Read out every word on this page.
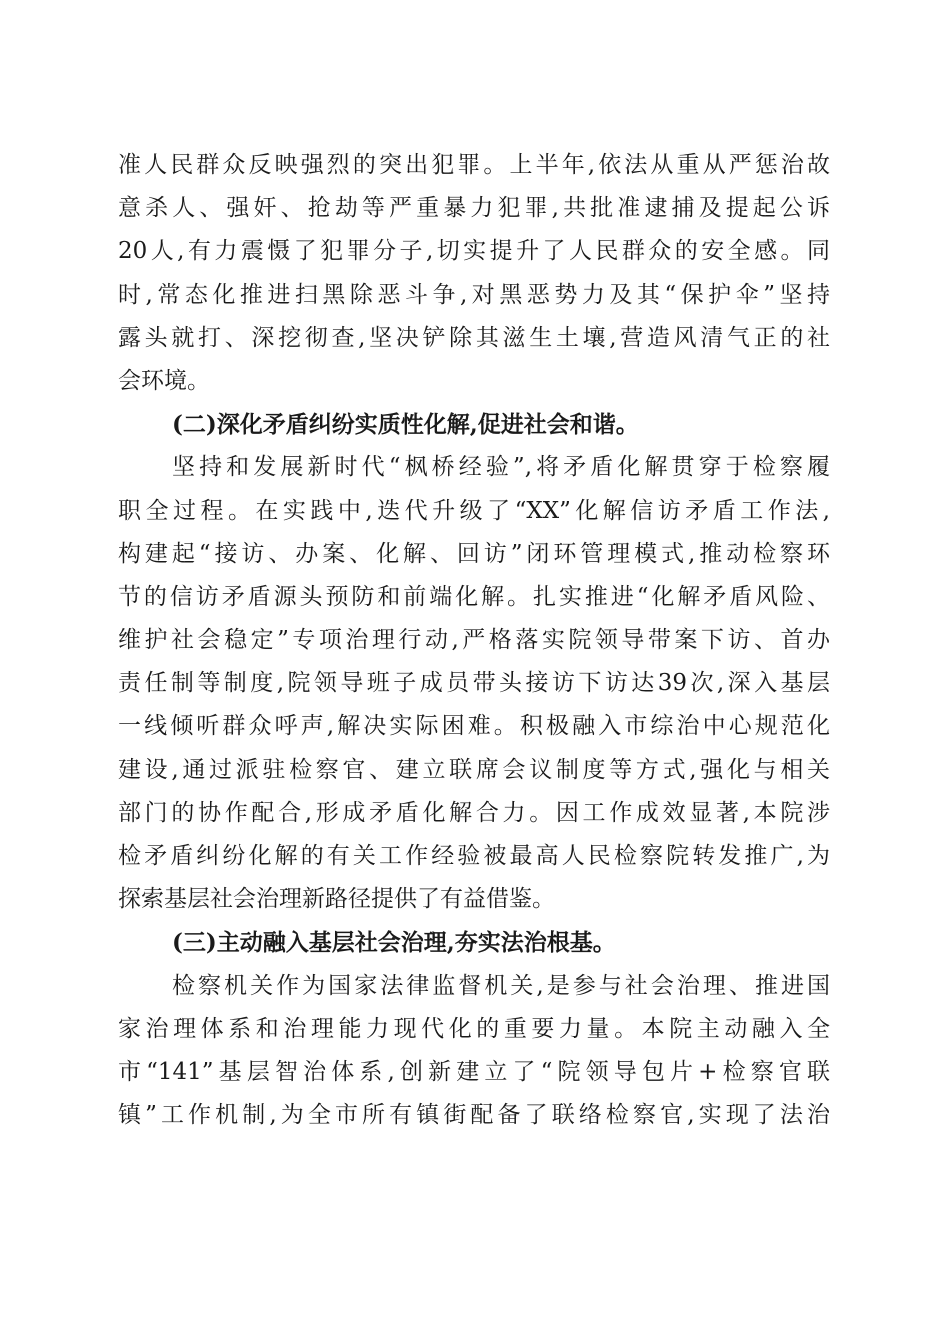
准人民群众反映强烈的突出犯罪。上半年,依法从重从严惩治故
意杀人、强奸、抢劫等严重暴力犯罪,共批准逮捕及提起公诉
20人,有力震慑了犯罪分子,切实提升了人民群众的安全感。同
时,常态化推进扫黑除恶斗争,对黑恶势力及其“保护伞”坚持
露头就打、深挖彻查,坚决铲除其滋生土壤,营造风清气正的社
会环境。
(二)深化矛盾纠纷实质性化解,促进社会和谐。
坚持和发展新时代“枫桥经验”,将矛盾化解贯穿于检察履
职全过程。在实践中,迭代升级了“XX”化解信访矛盾工作法,
构建起“接访、办案、化解、回访”闭环管理模式,推动检察环
节的信访矛盾源头预防和前端化解。扎实推进“化解矛盾风险、
维护社会稳定”专项治理行动,严格落实院领导带案下访、首办
责任制等制度,院领导班子成员带头接访下访达39次,深入基层
一线倾听群众呼声,解决实际困难。积极融入市综治中心规范化
建设,通过派驻检察官、建立联席会议制度等方式,强化与相关
部门的协作配合,形成矛盾化解合力。因工作成效显著,本院涉
检矛盾纠纷化解的有关工作经验被最高人民检察院转发推广,为
探索基层社会治理新路径提供了有益借鉴。
(三)主动融入基层社会治理,夯实法治根基。
检察机关作为国家法律监督机关,是参与社会治理、推进国
家治理体系和治理能力现代化的重要力量。本院主动融入全
市“141”基层智治体系,创新建立了“院领导包片+检察官联
镇”工作机制,为全市所有镇街配备了联络检察官,实现了法治
